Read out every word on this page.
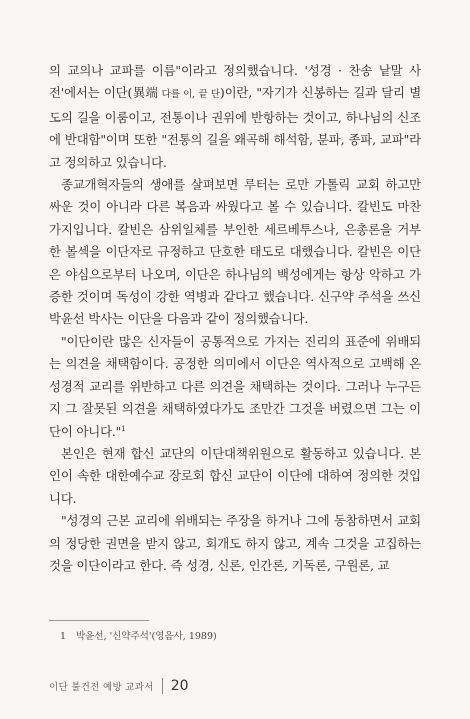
의 교의나 교파를 이름"이라고 정의했습니다. '성경 · 찬송 낱말 사전'에서는 이단(異端 다를 이, 끝 단)이란, "자기가 신봉하는 길과 달리 별도의 길을 이룸이고, 전통이나 권위에 반항하는 것이고, 하나님의 신조에 반대함"이며 또한 "전통의 길을 왜곡해 해석함, 분파, 종파, 교파"라고 정의하고 있습니다.

종교개혁자들의 생애를 살펴보면 루터는 로만 가톨릭 교회 하고만 싸운 것이 아니라 다른 복음과 싸웠다고 볼 수 있습니다. 칼빈도 마찬가지입니다. 칼빈은 삼위일체를 부인한 세르베투스나, 은총론을 거부한 볼섹을 이단자로 규정하고 단호한 태도로 대했습니다. 칼빈은 이단은 야심으로부터 나오며, 이단은 하나님의 백성에게는 항상 악하고 가증한 것이며 독성이 강한 역병과 같다고 했습니다. 신구약 주석을 쓰신 박윤선 박사는 이단을 다음과 같이 정의했습니다.

"이단이란 많은 신자들이 공통적으로 가지는 진리의 표준에 위배되는 의견을 채택함이다. 공정한 의미에서 이단은 역사적으로 고백해 온 성경적 교리를 위반하고 다른 의견을 채택하는 것이다. 그러나 누구든지 그 잘못된 의견을 채택하였다가도 조만간 그것을 버렸으면 그는 이단이 아니다."$^1$

본인은 현재 합신 교단의 이단대책위원으로 활동하고 있습니다. 본인이 속한 대한예수교 장로회 합신 교단이 이단에 대하여 정의한 것입니다.

"성경의 근본 교리에 위배되는 주장을 하거나 그에 동참하면서 교회의 정당한 권면을 받지 않고, 회개도 하지 않고, 계속 그것을 고집하는 것을 이단이라고 한다. 즉 성경, 신론, 인간론, 기독론, 구원론, 교

1 박윤선, '신약주석'(영음사, 1989)
이단 불건전 예방 교과서 20
